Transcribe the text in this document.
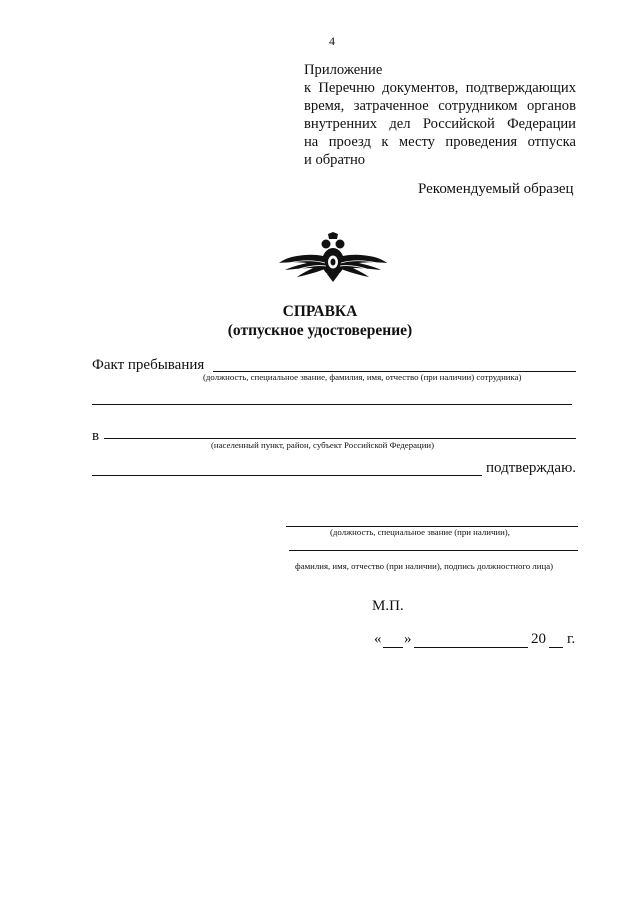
4
Приложение
к Перечню документов, подтверждающих
время, затраченное сотрудником органов
внутренних дел Российской Федерации
на проезд к месту проведения отпуска
и обратно
Рекомендуемый образец
СПРАВКА
(отпускное удостоверение)
Факт пребывания
(должность, специальное звание, фамилия, имя, отчество (при наличии) сотрудника)
в
(населенный пункт, район, субъект Российской Федерации)
подтверждаю.
(должность, специальное звание (при наличии),
фамилия, имя, отчество (при наличии), подпись должностного лица)
М.П.
« »	20 г.
